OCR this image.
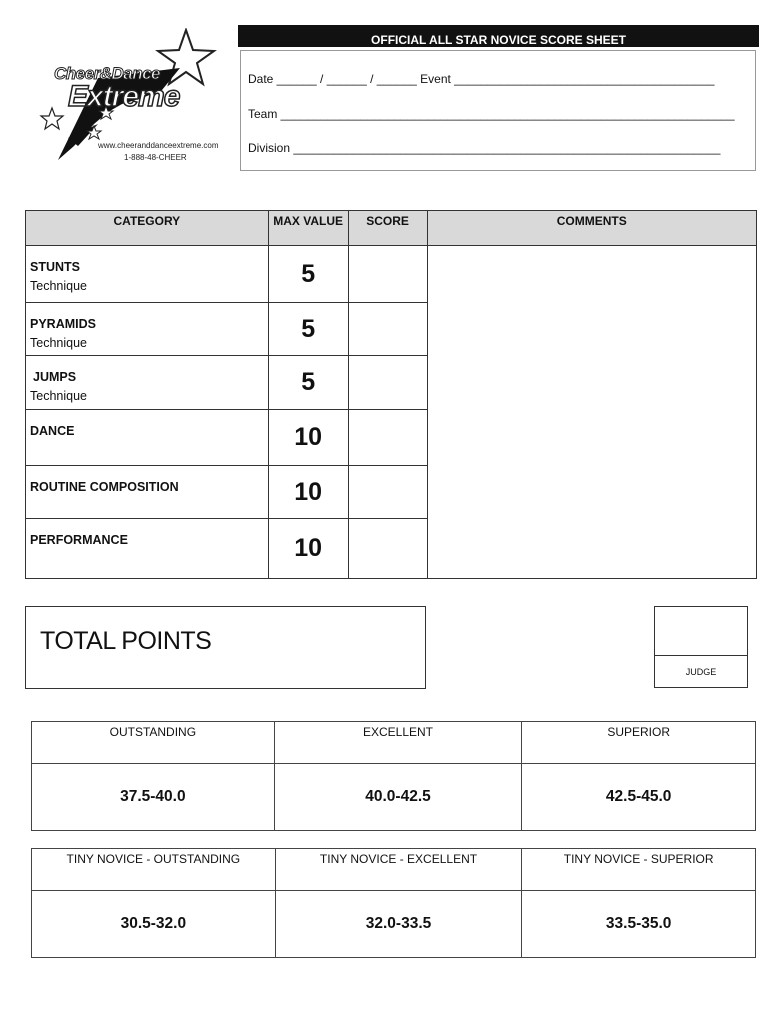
Cheer&Dance
Extreme
www.cheeranddanceextreme.com
1-888-48-CHEER
OFFICIAL ALL STAR NOVICE SCORE SHEET
Date ______ / ______ / ______ Event _______________________________________
Team ____________________________________________________________________
Division ________________________________________________________________
CATEGORY	MAX VALUE	SCORE	COMMENTS
STUNTS
Technique	5		
PYRAMIDS
Technique	5		
JUMPS
Technique	5		
DANCE	10		
ROUTINE COMPOSITION	10		
PERFORMANCE	10		
TOTAL POINTS
JUDGE
OUTSTANDING	EXCELLENT	SUPERIOR
37.5-40.0	40.0-42.5	42.5-45.0
TINY NOVICE - OUTSTANDING	TINY NOVICE - EXCELLENT	TINY NOVICE - SUPERIOR
30.5-32.0	32.0-33.5	33.5-35.0
